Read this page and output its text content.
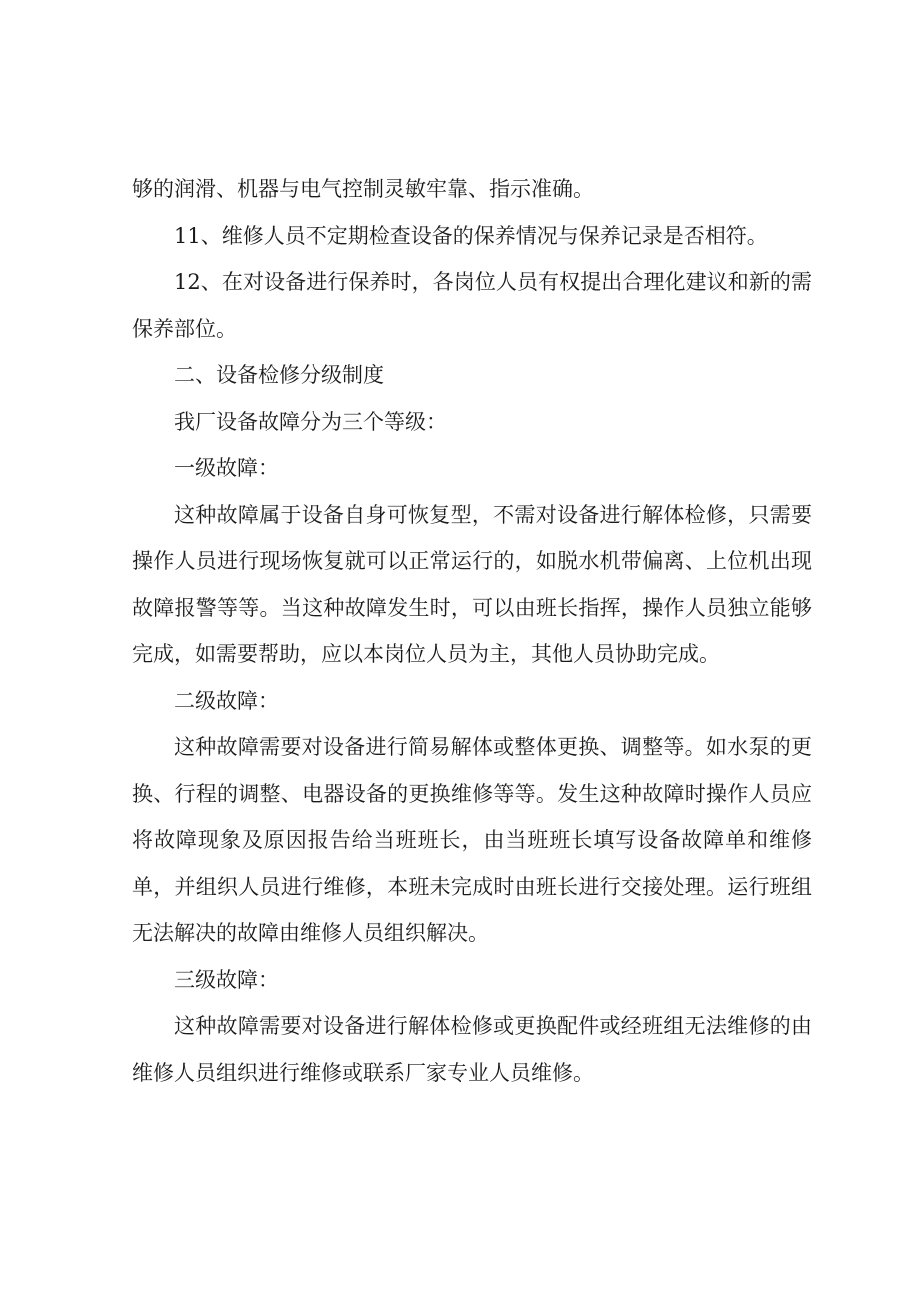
够的润滑、机器与电气控制灵敏牢靠、指示准确。

11、维修人员不定期检查设备的保养情况与保养记录是否相符。

12、在对设备进行保养时，各岗位人员有权提出合理化建议和新的需保养部位。

二、设备检修分级制度

我厂设备故障分为三个等级：

一级故障：

这种故障属于设备自身可恢复型，不需对设备进行解体检修，只需要操作人员进行现场恢复就可以正常运行的，如脱水机带偏离、上位机出现故障报警等等。当这种故障发生时，可以由班长指挥，操作人员独立能够完成，如需要帮助，应以本岗位人员为主，其他人员协助完成。

二级故障：

这种故障需要对设备进行简易解体或整体更换、调整等。如水泵的更换、行程的调整、电器设备的更换维修等等。发生这种故障时操作人员应将故障现象及原因报告给当班班长，由当班班长填写设备故障单和维修单，并组织人员进行维修，本班未完成时由班长进行交接处理。运行班组无法解决的故障由维修人员组织解决。

三级故障：

这种故障需要对设备进行解体检修或更换配件或经班组无法维修的由维修人员组织进行维修或联系厂家专业人员维修。
